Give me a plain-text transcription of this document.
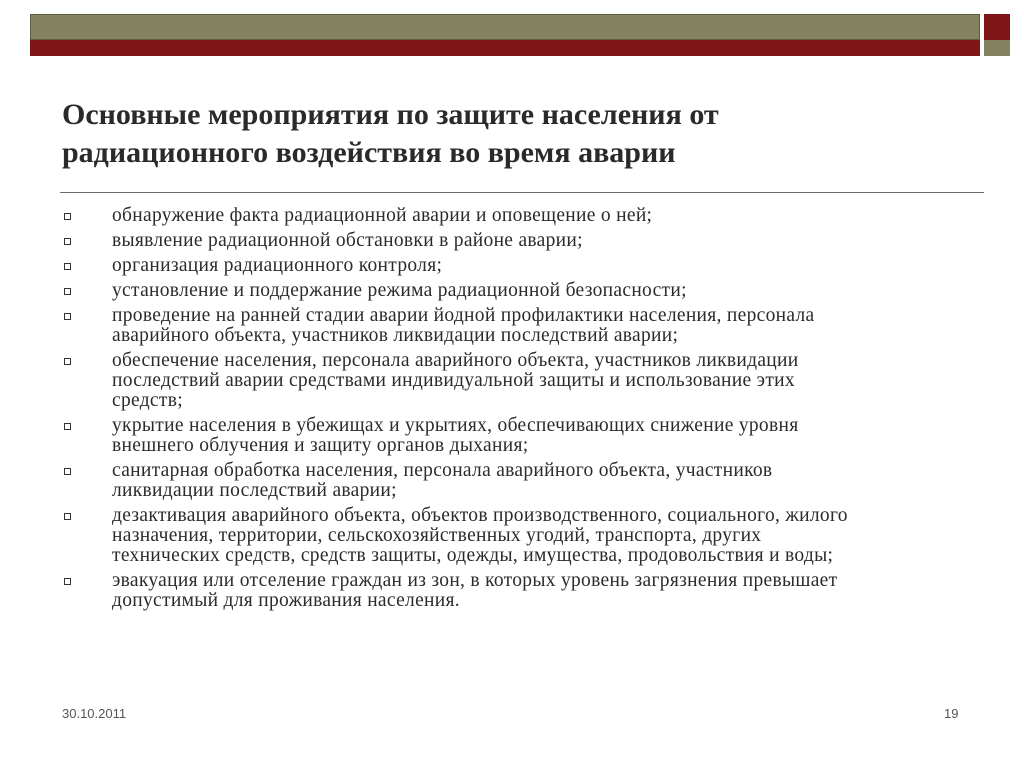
Основные мероприятия по защите населения от
радиационного воздействия во время аварии
обнаружение факта радиационной аварии и оповещение о ней;
выявление радиационной обстановки в районе аварии;
организация радиационного контроля;
установление и поддержание режима радиационной безопасности;
проведение на ранней стадии аварии йодной профилактики населения, персонала
аварийного объекта, участников ликвидации последствий аварии;
обеспечение населения, персонала аварийного объекта, участников ликвидации
последствий аварии средствами индивидуальной защиты и использование этих
средств;
укрытие населения в убежищах и укрытиях, обеспечивающих снижение уровня
внешнего облучения и защиту органов дыхания;
санитарная обработка населения, персонала аварийного объекта, участников
ликвидации последствий аварии;
дезактивация аварийного объекта, объектов производственного, социального, жилого
назначения, территории, сельскохозяйственных угодий, транспорта, других
технических средств, средств защиты, одежды, имущества, продовольствия и воды;
эвакуация или отселение граждан из зон, в которых уровень загрязнения превышает
допустимый для проживания населения.
30.10.2011	19
